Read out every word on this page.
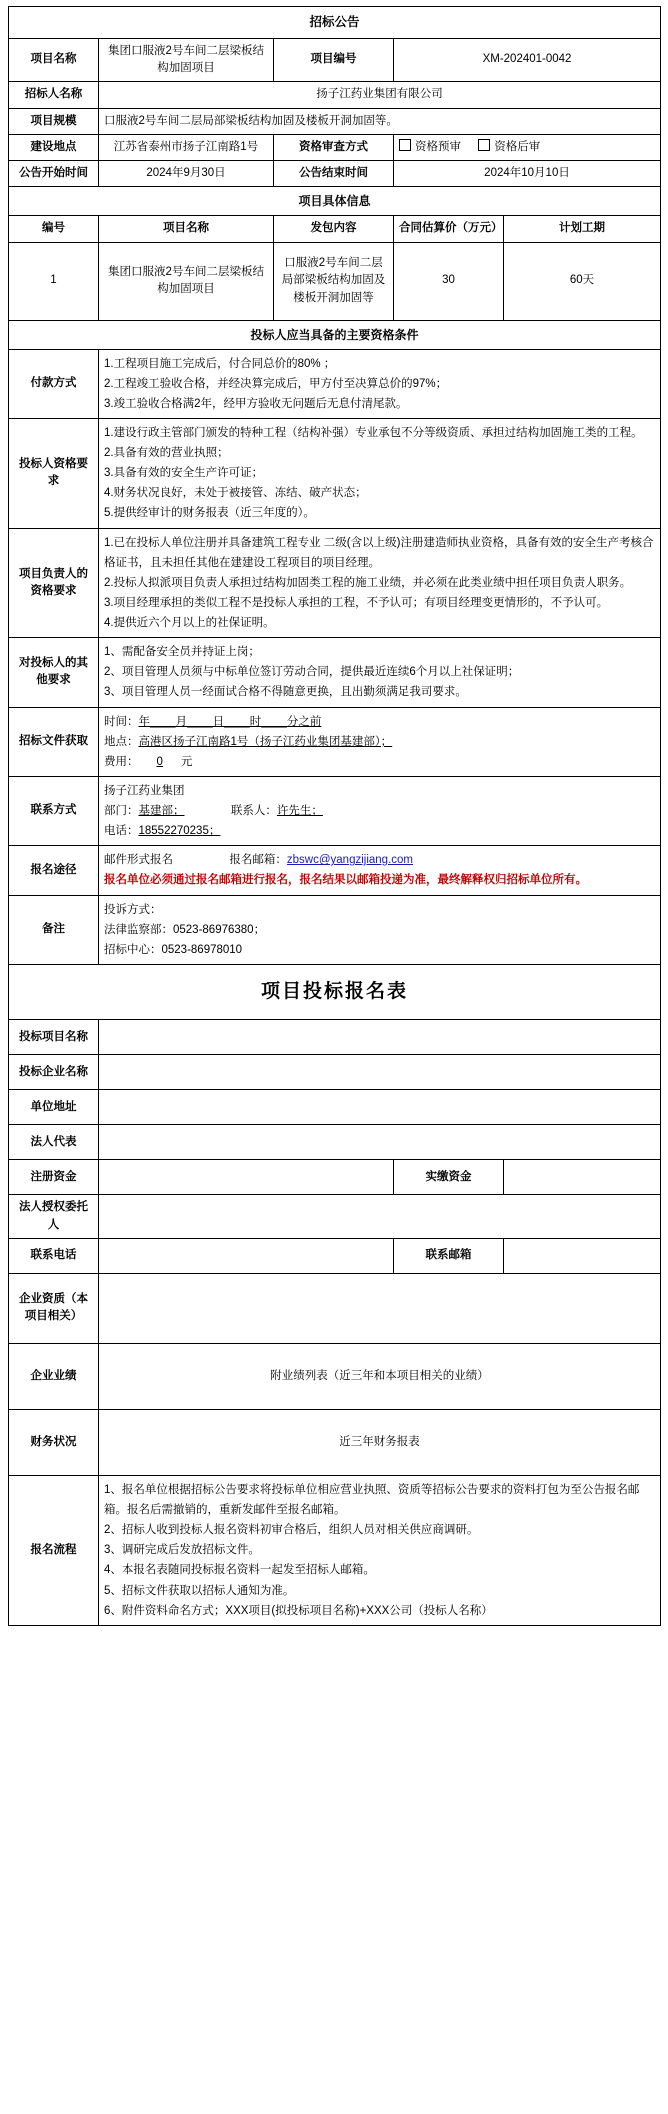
招标公告				
项目名称	集团口服液2号车间二层梁板结构加固项目	项目编号	XM-202401-0042	
招标人名称	扬子江药业集团有限公司			
项目规模	口服液2号车间二层局部梁板结构加固及楼板开洞加固等。			
建设地点	江苏省泰州市扬子江南路1号	资格审查方式	资格预审 资格后审	
公告开始时间	2024年9月30日	公告结束时间	2024年10月10日	
项目具体信息				
编号	项目名称	发包内容	合同估算价（万元）	计划工期
1	集团口服液2号车间二层梁板结构加固项目	口服液2号车间二层局部梁板结构加固及楼板开洞加固等	30	60天
投标人应当具备的主要资格条件				
付款方式	1.工程项目施工完成后，付合同总价的80% ；
2.工程竣工验收合格，并经决算完成后，甲方付至决算总价的97%；
3.竣工验收合格满2年，经甲方验收无问题后无息付清尾款。			

投标人资格要求	1.建设行政主管部门颁发的特种工程（结构补强）专业承包不分等级资质、承担过结构加固施工类的工程。
2.具备有效的营业执照；
3.具备有效的安全生产许可证；
4.财务状况良好，未处于被接管、冻结、破产状态；
5.提供经审计的财务报表（近三年度的）。			

项目负责人的资格要求	1.已在投标人单位注册并具备建筑工程专业 二级(含以上级)注册建造师执业资格，具备有效的安全生产考核合格证书，且未担任其他在建建设工程项目的项目经理。
2.投标人拟派项目负责人承担过结构加固类工程的施工业绩，并必须在此类业绩中担任项目负责人职务。
3.项目经理承担的类似工程不是投标人承担的工程，不予认可；有项目经理变更情形的，不予认可。
4.提供近六个月以上的社保证明。			

对投标人的其他要求	1、需配备安全员并持证上岗；
2、项目管理人员须与中标单位签订劳动合同，提供最近连续6个月以上社保证明；
3、项目管理人员一经面试合格不得随意更换，且出勤须满足我司要求。			

招标文件获取	时间：年____月____日____时____分之前
地点：高港区扬子江南路1号（扬子江药业集团基建部）；
费用： 0 元			

联系方式	扬子江药业集团
部门：基建部； 联系人：许先生；
电话：18552270235；			

报名途径	邮件形式报名 报名邮箱：zbswc@yangzijiang.com
报名单位必须通过报名邮箱进行报名，报名结果以邮箱投递为准，最终解释权归招标单位所有。			

备注	投诉方式：
法律监察部：0523-86976380；
招标中心：0523-86978010			

项目投标报名表				
投标项目名称				
投标企业名称				
单位地址				
法人代表				
注册资金			实缴资金	
法人授权委托人				
联系电话			联系邮箱	
企业资质（本项目相关）				
企业业绩	附业绩列表（近三年和本项目相关的业绩）			
财务状况	近三年财务报表			
报名流程	
1、报名单位根据招标公告要求将投标单位相应营业执照、资质等招标公告要求的资料打包为至公告报名邮箱。报名后需撤销的，重新发邮件至报名邮箱。
2、招标人收到投标人报名资料初审合格后，组织人员对相关供应商调研。
3、调研完成后发放招标文件。
4、本报名表随同投标报名资料一起发至招标人邮箱。
5、招标文件获取以招标人通知为准。
6、附件资料命名方式；XXX项目(拟投标项目名称)+XXX公司（投标人名称）
